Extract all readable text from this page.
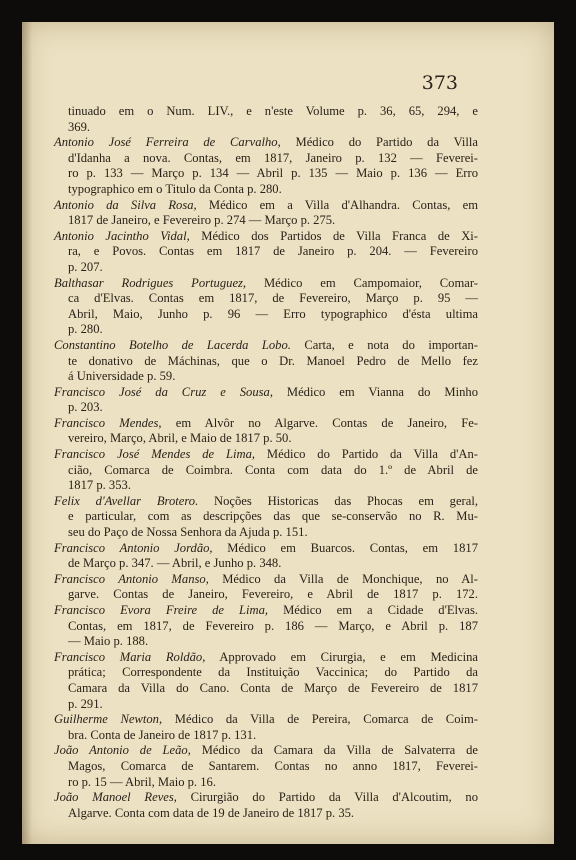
373
tinuado em o Num. LIV., e n'este Volume p. 36, 65, 294, e
369.
Antonio José Ferreira de Carvalho, Médico do Partido da Villa
d'Idanha a nova. Contas, em 1817, Janeiro p. 132 — Feverei-
ro p. 133 — Março p. 134 — Abril p. 135 — Maio p. 136 — Erro
typographico em o Titulo da Conta p. 280.
Antonio da Silva Rosa, Médico em a Villa d'Alhandra. Contas, em
1817 de Janeiro, e Fevereiro p. 274 — Março p. 275.
Antonio Jacintho Vidal, Médico dos Partidos de Villa Franca de Xi-
ra, e Povos. Contas em 1817 de Janeiro p. 204. — Fevereiro
p. 207.
Balthasar Rodrigues Portuguez, Médico em Campomaior, Comar-
ca d'Elvas. Contas em 1817, de Fevereiro, Março p. 95 —
Abril, Maio, Junho p. 96 — Erro typographico d'ésta ultima
p. 280.
Constantino Botelho de Lacerda Lobo. Carta, e nota do importan-
te donativo de Máchinas, que o Dr. Manoel Pedro de Mello fez
á Universidade p. 59.
Francisco José da Cruz e Sousa, Médico em Vianna do Minho
p. 203.
Francisco Mendes, em Alvôr no Algarve. Contas de Janeiro, Fe-
vereiro, Março, Abril, e Maio de 1817 p. 50.
Francisco José Mendes de Lima, Médico do Partido da Villa d'An-
cião, Comarca de Coimbra. Conta com data do 1.º de Abril de
1817 p. 353.
Felix d'Avellar Brotero. Noções Historicas das Phocas em geral,
e particular, com as descripções das que se-conservão no R. Mu-
seu do Paço de Nossa Senhora da Ajuda p. 151.
Francisco Antonio Jordão, Médico em Buarcos. Contas, em 1817
de Março p. 347. — Abril, e Junho p. 348.
Francisco Antonio Manso, Médico da Villa de Monchique, no Al-
garve. Contas de Janeiro, Fevereiro, e Abril de 1817 p. 172.
Francisco Evora Freire de Lima, Médico em a Cidade d'Elvas.
Contas, em 1817, de Fevereiro p. 186 — Março, e Abril p. 187
— Maio p. 188.
Francisco Maria Roldão, Approvado em Cirurgia, e em Medicina
prática; Correspondente da Instituição Vaccinica; do Partido da
Camara da Villa do Cano. Conta de Março de Fevereiro de 1817
p. 291.
Guilherme Newton, Médico da Villa de Pereira, Comarca de Coim-
bra. Conta de Janeiro de 1817 p. 131.
João Antonio de Leão, Médico da Camara da Villa de Salvaterra de
Magos, Comarca de Santarem. Contas no anno 1817, Feverei-
ro p. 15 — Abril, Maio p. 16.
João Manoel Reves, Cirurgião do Partido da Villa d'Alcoutim, no
Algarve. Conta com data de 19 de Janeiro de 1817 p. 35.
